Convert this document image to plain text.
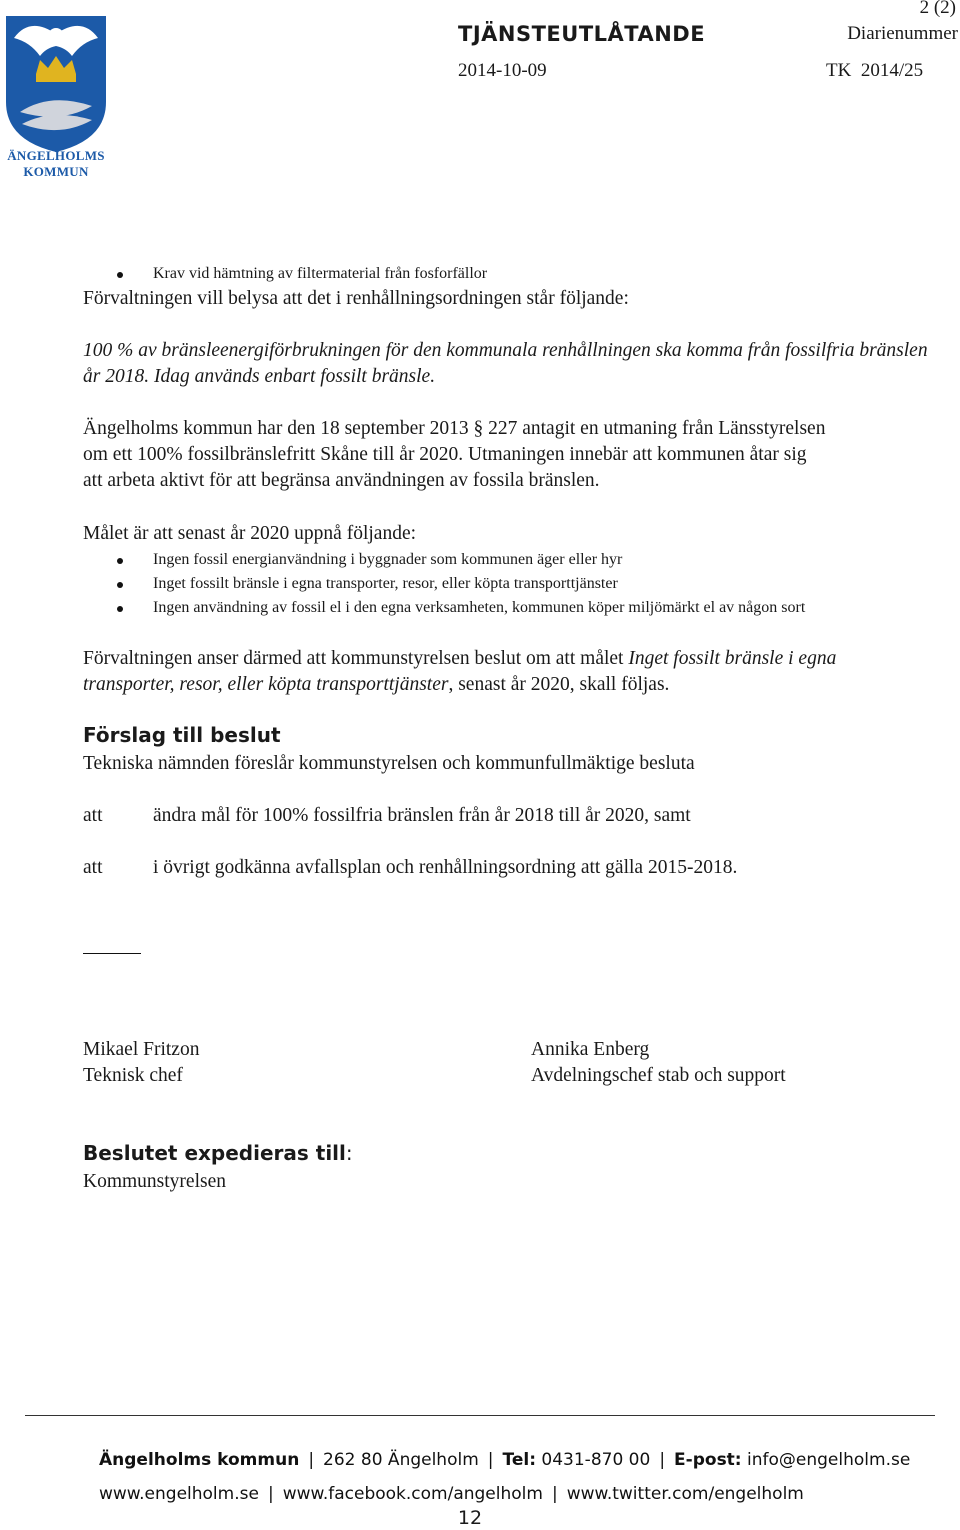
ÄNGELHOLMS
KOMMUN
TJÄNSTEUTLÅTANDE
2014-10-09
2 (2)
Diarienummer
TK  2014/25
Krav vid hämtning av filtermaterial från fosforfällor
Förvaltningen vill belysa att det i renhållningsordningen står följande:
100 % av bränsleenergiförbrukningen för den kommunala renhållningen ska komma från fossilfria bränslen
år 2018. Idag används enbart fossilt bränsle.
Ängelholms kommun har den 18 september 2013 § 227 antagit en utmaning från Länsstyrelsen
om ett 100% fossilbränslefritt Skåne till år 2020. Utmaningen innebär att kommunen åtar sig
att arbeta aktivt för att begränsa användningen av fossila bränslen.
Målet är att senast år 2020 uppnå följande:
Ingen fossil energianvändning i byggnader som kommunen äger eller hyr
Inget fossilt bränsle i egna transporter, resor, eller köpta transporttjänster
Ingen användning av fossil el i den egna verksamheten, kommunen köper miljömärkt el av någon sort
Förvaltningen anser därmed att kommunstyrelsen beslut om att målet Inget fossilt bränsle i egna
transporter, resor, eller köpta transporttjänster, senast år 2020, skall följas.
Förslag till beslut
Tekniska nämnden föreslår kommunstyrelsen och kommunfullmäktige besluta
att	ändra mål för 100% fossilfria bränslen från år 2018 till år 2020, samt
att	i övrigt godkänna avfallsplan och renhållningsordning att gälla 2015-2018.
Mikael Fritzon
Teknisk chef
Annika Enberg
Avdelningschef stab och support
Beslutet expedieras till:
Kommunstyrelsen
Ängelholms kommun | 262 80 Ängelholm | Tel: 0431-870 00 | E-post: info@engelholm.se
www.engelholm.se | www.facebook.com/angelholm | www.twitter.com/engelholm
12
